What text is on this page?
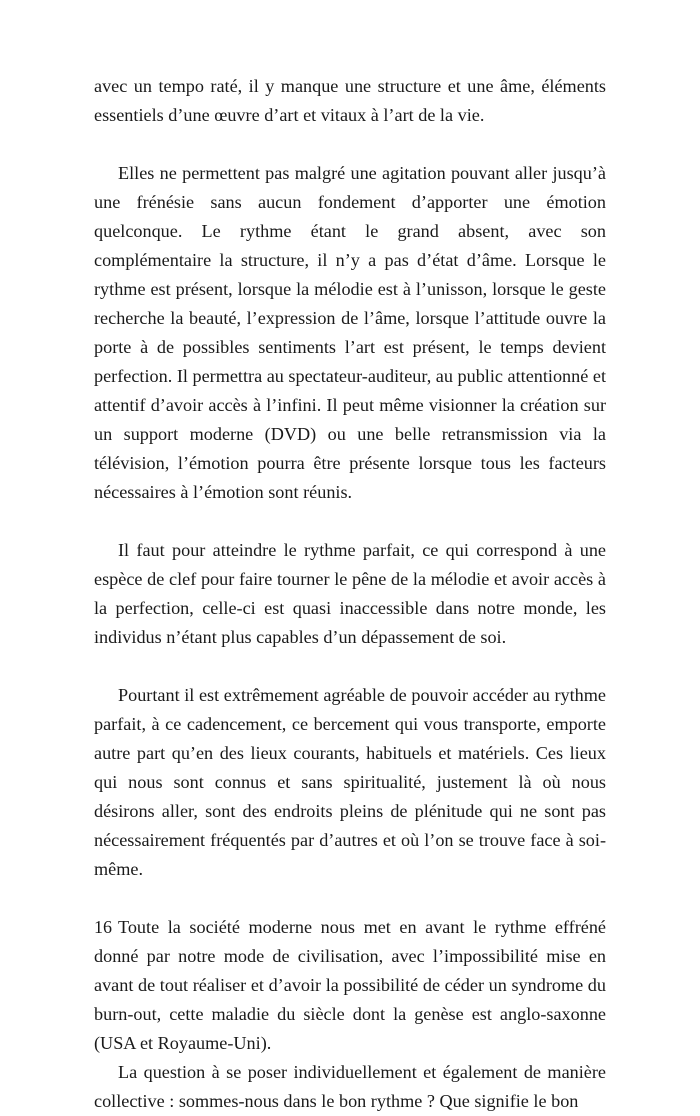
avec un tempo raté, il y manque une structure et une âme, éléments essentiels d’une œuvre d’art et vitaux à l’art de la vie.

Elles ne permettent pas malgré une agitation pouvant aller jusqu’à une frénésie sans aucun fondement d’apporter une émotion quelconque. Le rythme étant le grand absent, avec son complémentaire la structure, il n’y a pas d’état d’âme. Lorsque le rythme est présent, lorsque la mélodie est à l’unisson, lorsque le geste recherche la beauté, l’expression de l’âme, lorsque l’attitude ouvre la porte à de possibles sentiments l’art est présent, le temps devient perfection. Il permettra au spectateur-auditeur, au public attentionné et attentif d’avoir accès à l’infini. Il peut même visionner la création sur un support moderne (DVD) ou une belle retransmission via la télévision, l’émotion pourra être présente lorsque tous les facteurs nécessaires à l’émotion sont réunis.

Il faut pour atteindre le rythme parfait, ce qui correspond à une espèce de clef pour faire tourner le pêne de la mélodie et avoir accès à la perfection, celle-ci est quasi inaccessible dans notre monde, les individus n’étant plus capables d’un dépassement de soi.

Pourtant il est extrêmement agréable de pouvoir accéder au rythme parfait, à ce cadencement, ce bercement qui vous transporte, emporte autre part qu’en des lieux courants, habituels et matériels. Ces lieux qui nous sont connus et sans spiritualité, justement là où nous désirons aller, sont des endroits pleins de plénitude qui ne sont pas nécessairement fréquentés par d’autres et où l’on se trouve face à soi-même.

Toute la société moderne nous met en avant le rythme effréné donné par notre mode de civilisation, avec l’impossibilité mise en avant de tout réaliser et d’avoir la possibilité de céder un syndrome du burn-out, cette maladie du siècle dont la genèse est anglo-saxonne (USA et Royaume-Uni).

La question à se poser individuellement et également de manière collective : sommes-nous dans le bon rythme ? Que signifie le bon

16
